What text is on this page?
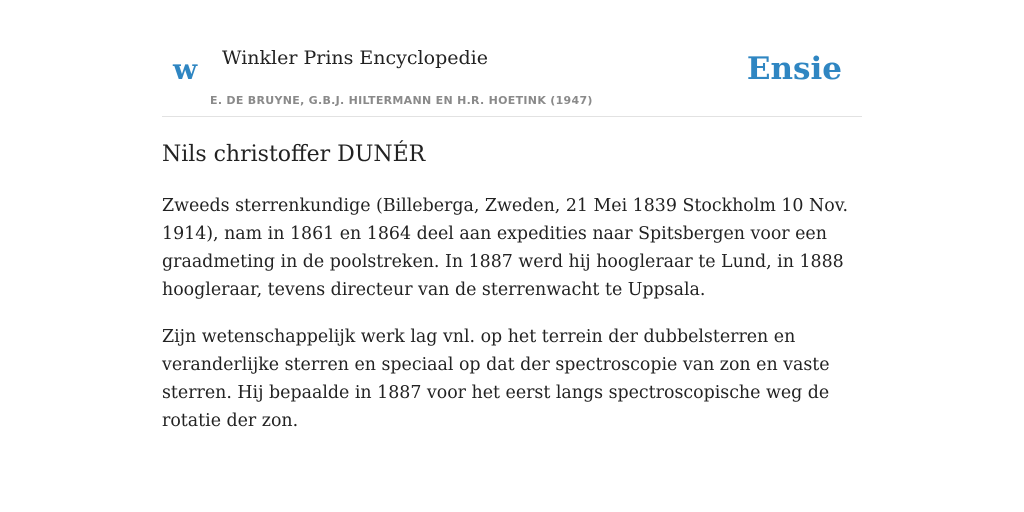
w Winkler Prins Encyclopedie
E. DE BRUYNE, G.B.J. HILTERMANN EN H.R. HOETINK (1947)
Ensie
Nils christoffer DUNÉR

Zweeds sterrenkundige (Billeberga, Zweden, 21 Mei 1839 Stockholm 10 Nov. 1914), nam in 1861 en 1864 deel aan expedities naar Spitsbergen voor een graadmeting in de poolstreken. In 1887 werd hij hoogleraar te Lund, in 1888 hoogleraar, tevens directeur van de sterrenwacht te Uppsala.

Zijn wetenschappelijk werk lag vnl. op het terrein der dubbelsterren en veranderlijke sterren en speciaal op dat der spectroscopie van zon en vaste sterren. Hij bepaalde in 1887 voor het eerst langs spectroscopische weg de rotatie der zon.
